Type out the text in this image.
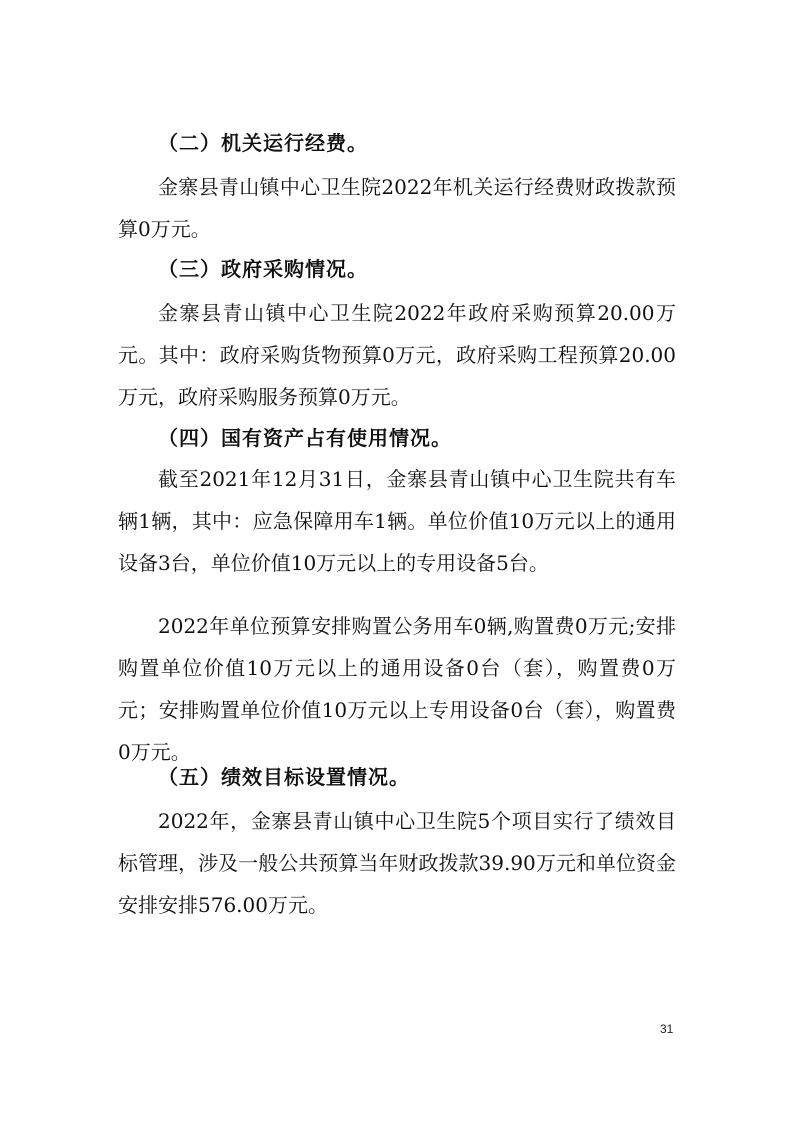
（二）机关运行经费。
金寨县青山镇中心卫生院2022年机关运行经费财政拨款预算0万元。
（三）政府采购情况。
金寨县青山镇中心卫生院2022年政府采购预算20.00万元。其中：政府采购货物预算0万元，政府采购工程预算20.00万元，政府采购服务预算0万元。
（四）国有资产占有使用情况。
截至2021年12月31日，金寨县青山镇中心卫生院共有车辆1辆，其中：应急保障用车1辆。单位价值10万元以上的通用设备3台，单位价值10万元以上的专用设备5台。
2022年单位预算安排购置公务用车0辆,购置费0万元;安排购置单位价值10万元以上的通用设备0台（套），购置费0万元；安排购置单位价值10万元以上专用设备0台（套），购置费0万元。
（五）绩效目标设置情况。
2022年，金寨县青山镇中心卫生院5个项目实行了绩效目标管理，涉及一般公共预算当年财政拨款39.90万元和单位资金安排安排576.00万元。
31
